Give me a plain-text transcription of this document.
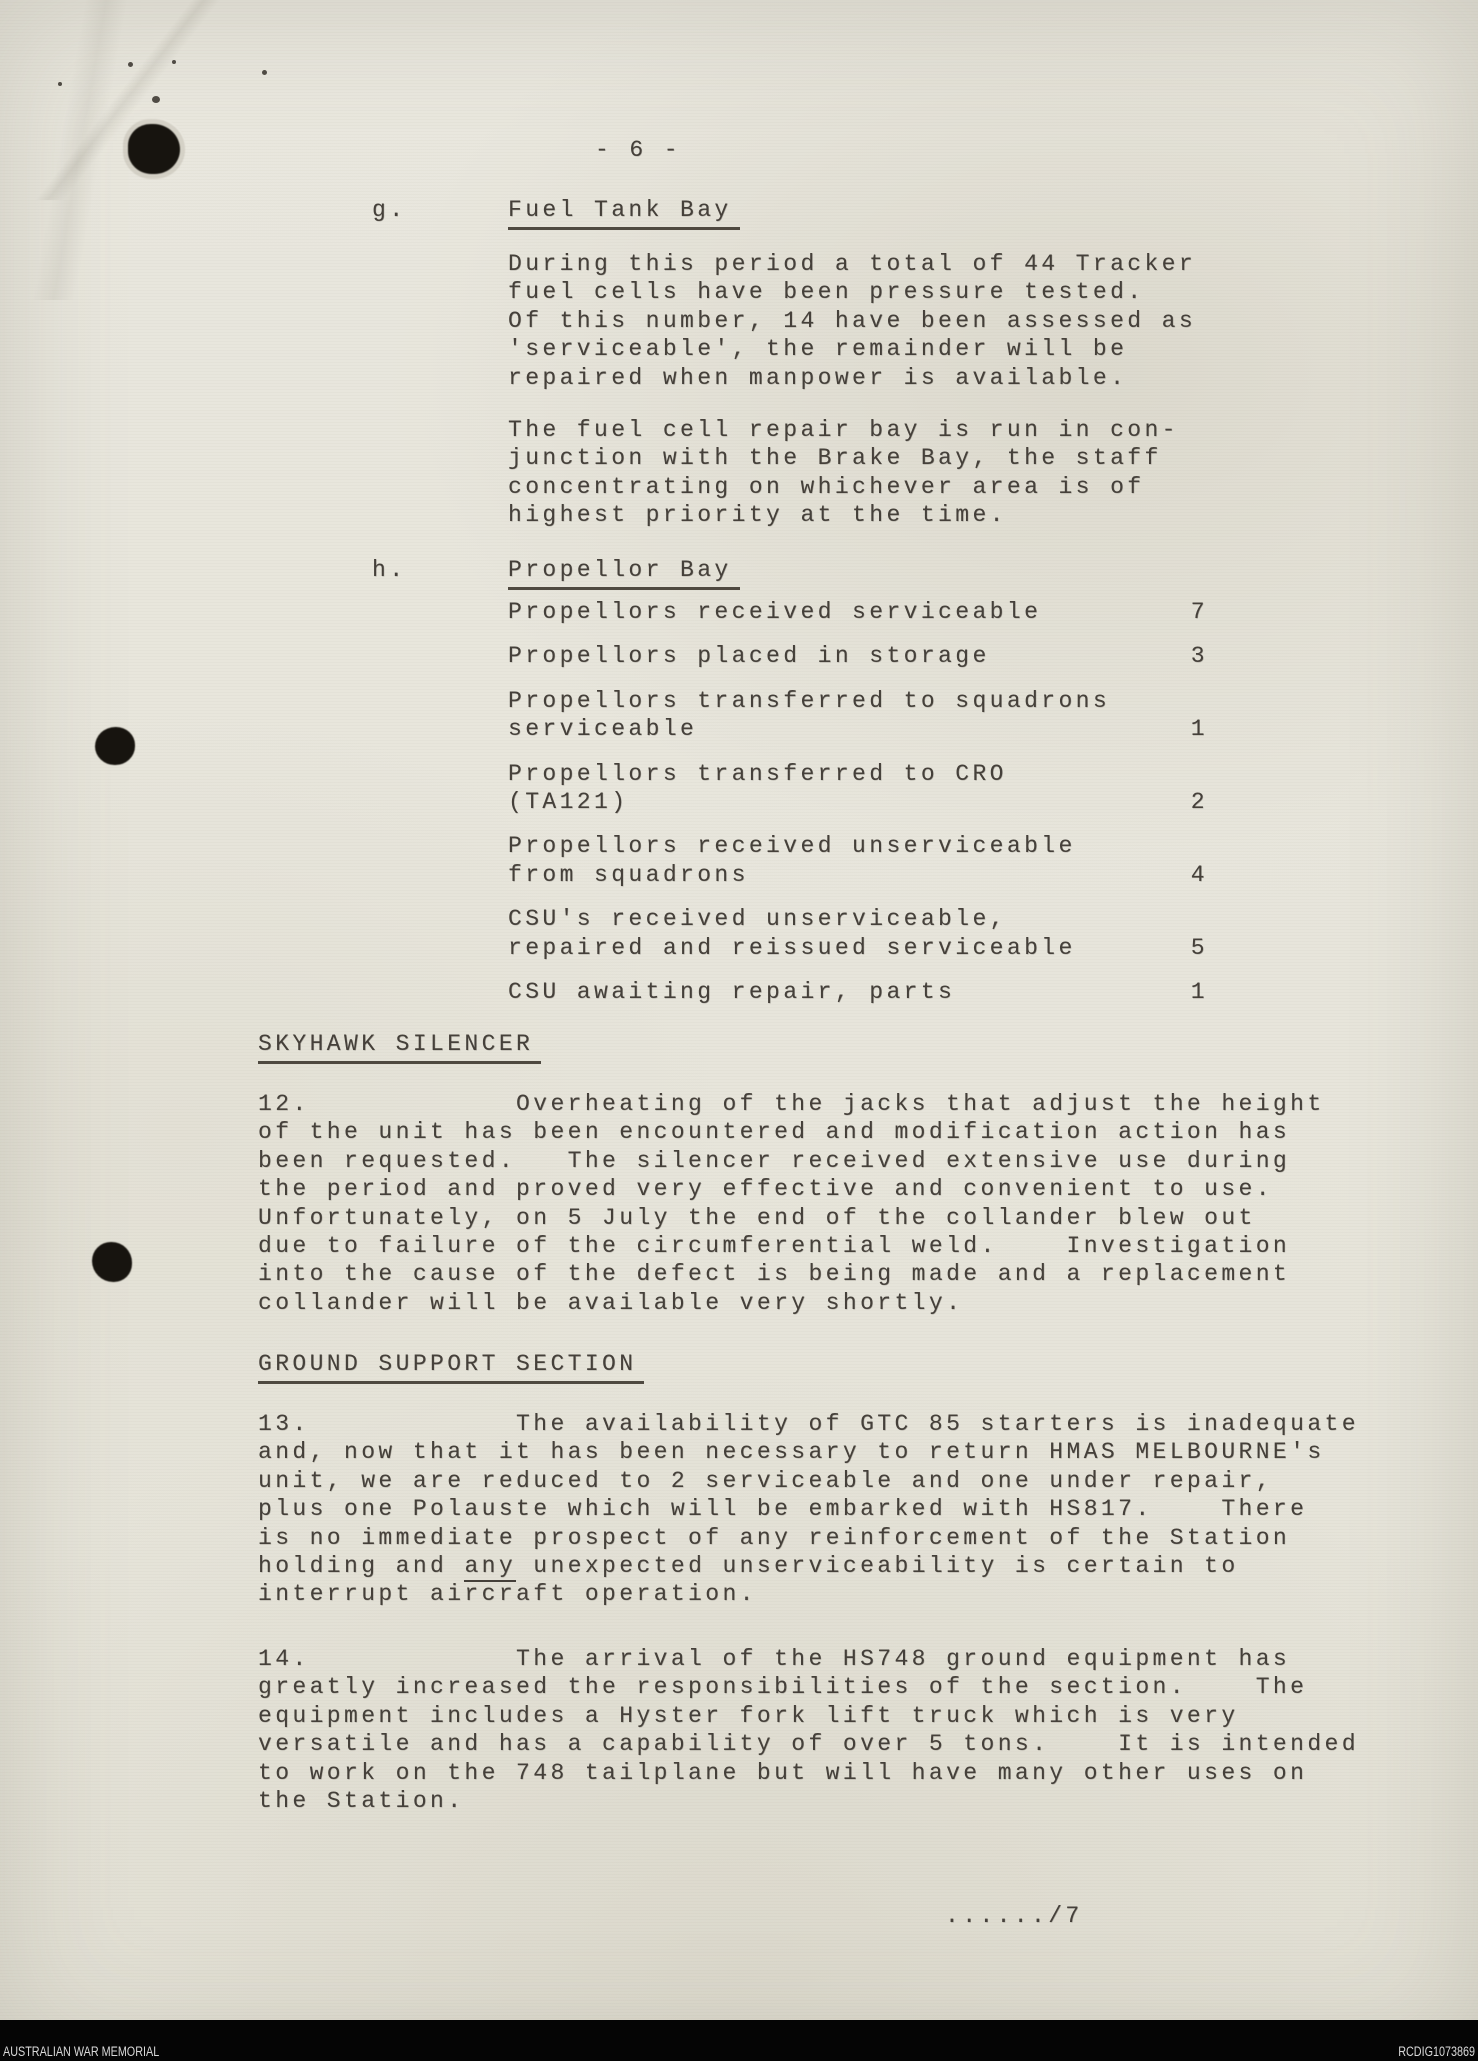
- 6 -
g.	Fuel Tank Bay
During this period a total of 44 Tracker
fuel cells have been pressure tested.
Of this number, 14 have been assessed as
'serviceable', the remainder will be
repaired when manpower is available.
The fuel cell repair bay is run in con-
junction with the Brake Bay, the staff
concentrating on whichever area is of
highest priority at the time.
h.	Propellor Bay
Propellors received serviceable	7
Propellors placed in storage	3
Propellors transferred to squadrons
serviceable	1
Propellors transferred to CRO
(TA121)	2
Propellors received unserviceable
from squadrons	4
CSU's received unserviceable,
repaired and reissued serviceable	5
CSU awaiting repair, parts	1
SKYHAWK SILENCER
12.            Overheating of the jacks that adjust the height
of the unit has been encountered and modification action has
been requested.   The silencer received extensive use during
the period and proved very effective and convenient to use.
Unfortunately, on 5 July the end of the collander blew out
due to failure of the circumferential weld.    Investigation
into the cause of the defect is being made and a replacement
collander will be available very shortly.
GROUND SUPPORT SECTION
13.            The availability of GTC 85 starters is inadequate
and, now that it has been necessary to return HMAS MELBOURNE's
unit, we are reduced to 2 serviceable and one under repair,
plus one Polauste which will be embarked with HS817.    There
is no immediate prospect of any reinforcement of the Station
holding and any unexpected unserviceability is certain to
interrupt aircraft operation.
14.            The arrival of the HS748 ground equipment has
greatly increased the responsibilities of the section.    The
equipment includes a Hyster fork lift truck which is very
versatile and has a capability of over 5 tons.    It is intended
to work on the 748 tailplane but will have many other uses on
the Station.
....../7
AUSTRALIAN WAR MEMORIAL	RCDIG1073869
